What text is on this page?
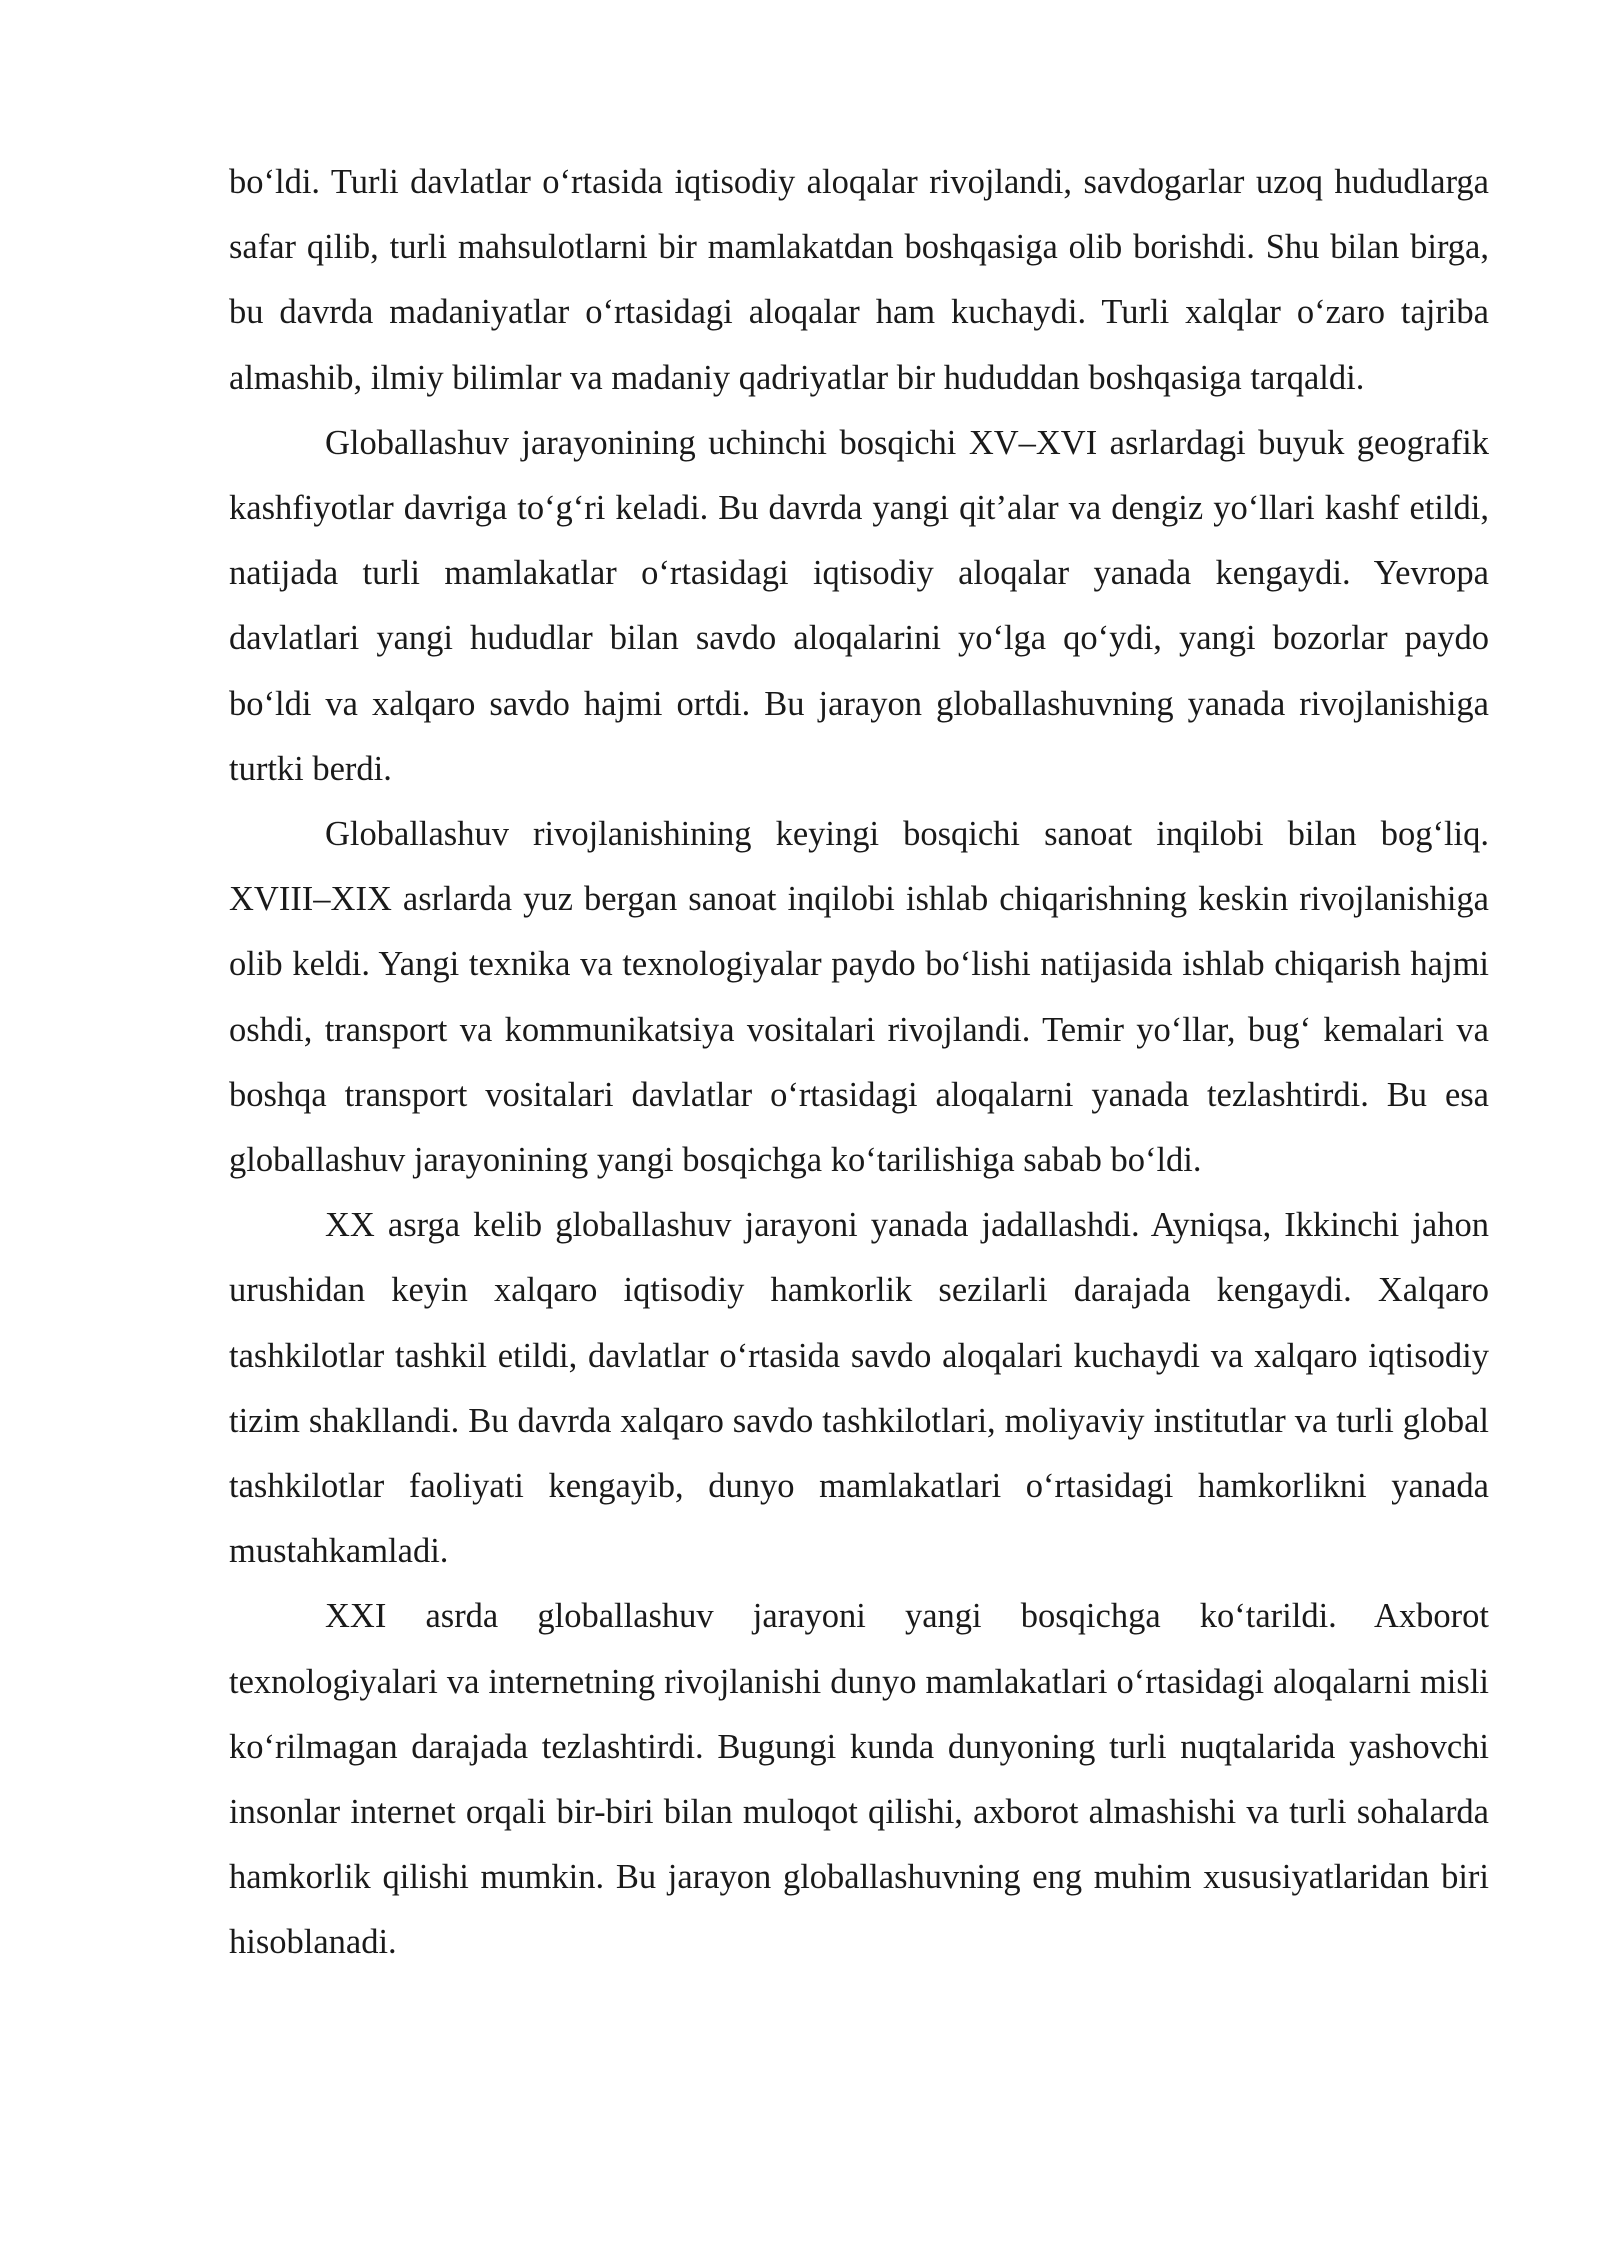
bo‘ldi. Turli davlatlar o‘rtasida iqtisodiy aloqalar rivojlandi, savdogarlar uzoq hududlarga safar qilib, turli mahsulotlarni bir mamlakatdan boshqasiga olib borishdi. Shu bilan birga, bu davrda madaniyatlar o‘rtasidagi aloqalar ham kuchaydi. Turli xalqlar o‘zaro tajriba almashib, ilmiy bilimlar va madaniy qadriyatlar bir hududdan boshqasiga tarqaldi.

Globallashuv jarayonining uchinchi bosqichi XV–XVI asrlardagi buyuk geografik kashfiyotlar davriga to‘g‘ri keladi. Bu davrda yangi qit’alar va dengiz yo‘llari kashf etildi, natijada turli mamlakatlar o‘rtasidagi iqtisodiy aloqalar yanada kengaydi. Yevropa davlatlari yangi hududlar bilan savdo aloqalarini yo‘lga qo‘ydi, yangi bozorlar paydo bo‘ldi va xalqaro savdo hajmi ortdi. Bu jarayon globallashuvning yanada rivojlanishiga turtki berdi.

Globallashuv rivojlanishining keyingi bosqichi sanoat inqilobi bilan bog‘liq. XVIII–XIX asrlarda yuz bergan sanoat inqilobi ishlab chiqarishning keskin rivojlanishiga olib keldi. Yangi texnika va texnologiyalar paydo bo‘lishi natijasida ishlab chiqarish hajmi oshdi, transport va kommunikatsiya vositalari rivojlandi. Temir yo‘llar, bug‘ kemalari va boshqa transport vositalari davlatlar o‘rtasidagi aloqalarni yanada tezlashtirdi. Bu esa globallashuv jarayonining yangi bosqichga ko‘tarilishiga sabab bo‘ldi.

XX asrga kelib globallashuv jarayoni yanada jadallashdi. Ayniqsa, Ikkinchi jahon urushidan keyin xalqaro iqtisodiy hamkorlik sezilarli darajada kengaydi. Xalqaro tashkilotlar tashkil etildi, davlatlar o‘rtasida savdo aloqalari kuchaydi va xalqaro iqtisodiy tizim shakllandi. Bu davrda xalqaro savdo tashkilotlari, moliyaviy institutlar va turli global tashkilotlar faoliyati kengayib, dunyo mamlakatlari o‘rtasidagi hamkorlikni yanada mustahkamladi.

XXI asrda globallashuv jarayoni yangi bosqichga ko‘tarildi. Axborot texnologiyalari va internetning rivojlanishi dunyo mamlakatlari o‘rtasidagi aloqalarni misli ko‘rilmagan darajada tezlashtirdi. Bugungi kunda dunyoning turli nuqtalarida yashovchi insonlar internet orqali bir-biri bilan muloqot qilishi, axborot almashishi va turli sohalarda hamkorlik qilishi mumkin. Bu jarayon globallashuvning eng muhim xususiyatlaridan biri hisoblanadi.
